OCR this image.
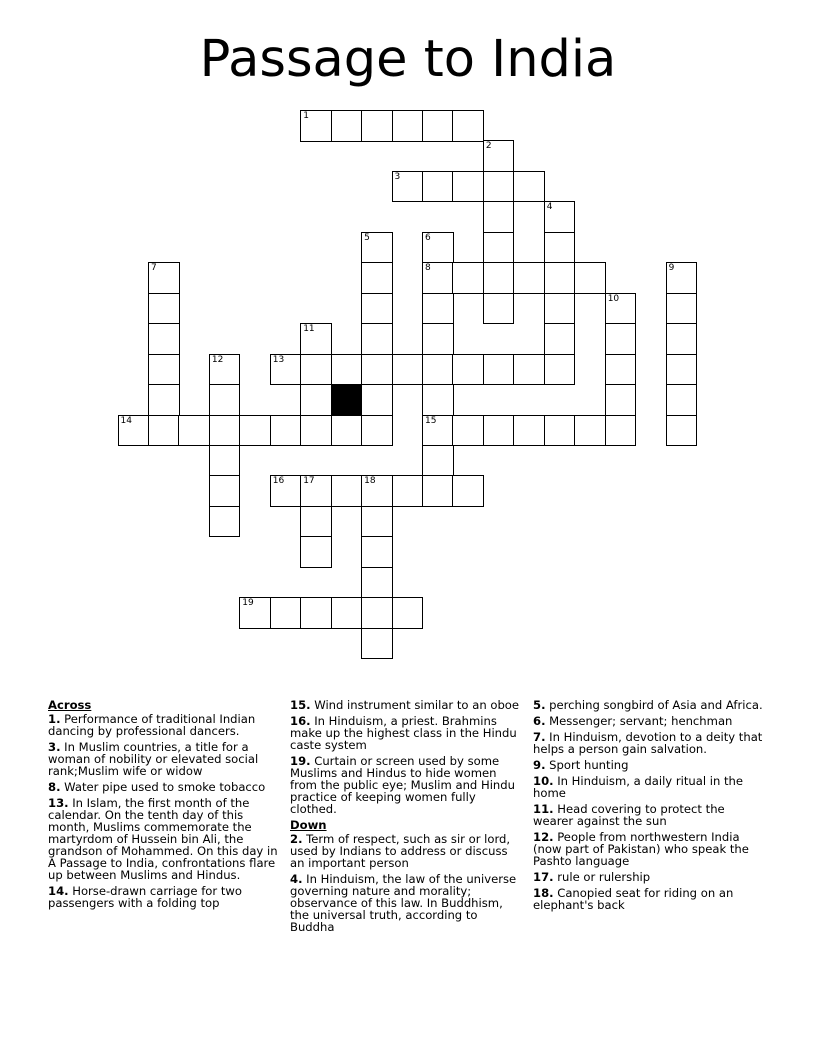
Passage to India
1
2
3
4
5	6
8
15
7	9
10
11
12	13
14
16 17	18
19
Across
1. Performance of traditional Indian dancing by professional dancers.
3. In Muslim countries, a title for a woman of nobility or elevated social rank;Muslim wife or widow
8. Water pipe used to smoke tobacco
13. In Islam, the first month of the calendar. On the tenth day of this month, Muslims commemorate the martyrdom of Hussein bin Ali, the grandson of Mohammed. On this day in A Passage to India, confrontations flare up between Muslims and Hindus.
14. Horse-drawn carriage for two passengers with a folding top
15. Wind instrument similar to an oboe
16. In Hinduism, a priest. Brahmins make up the highest class in the Hindu caste system
19. Curtain or screen used by some Muslims and Hindus to hide women from the public eye; Muslim and Hindu practice of keeping women fully clothed.
Down
2. Term of respect, such as sir or lord, used by Indians to address or discuss an important person
4. In Hinduism, the law of the universe governing nature and morality; observance of this law. In Buddhism, the universal truth, according to Buddha
5. perching songbird of Asia and Africa.
6. Messenger; servant; henchman
7. In Hinduism, devotion to a deity that helps a person gain salvation.
9. Sport hunting
10. In Hinduism, a daily ritual in the home
11. Head covering to protect the wearer against the sun
12. People from northwestern India (now part of Pakistan) who speak the Pashto language
17. rule or rulership
18. Canopied seat for riding on an elephant's back
